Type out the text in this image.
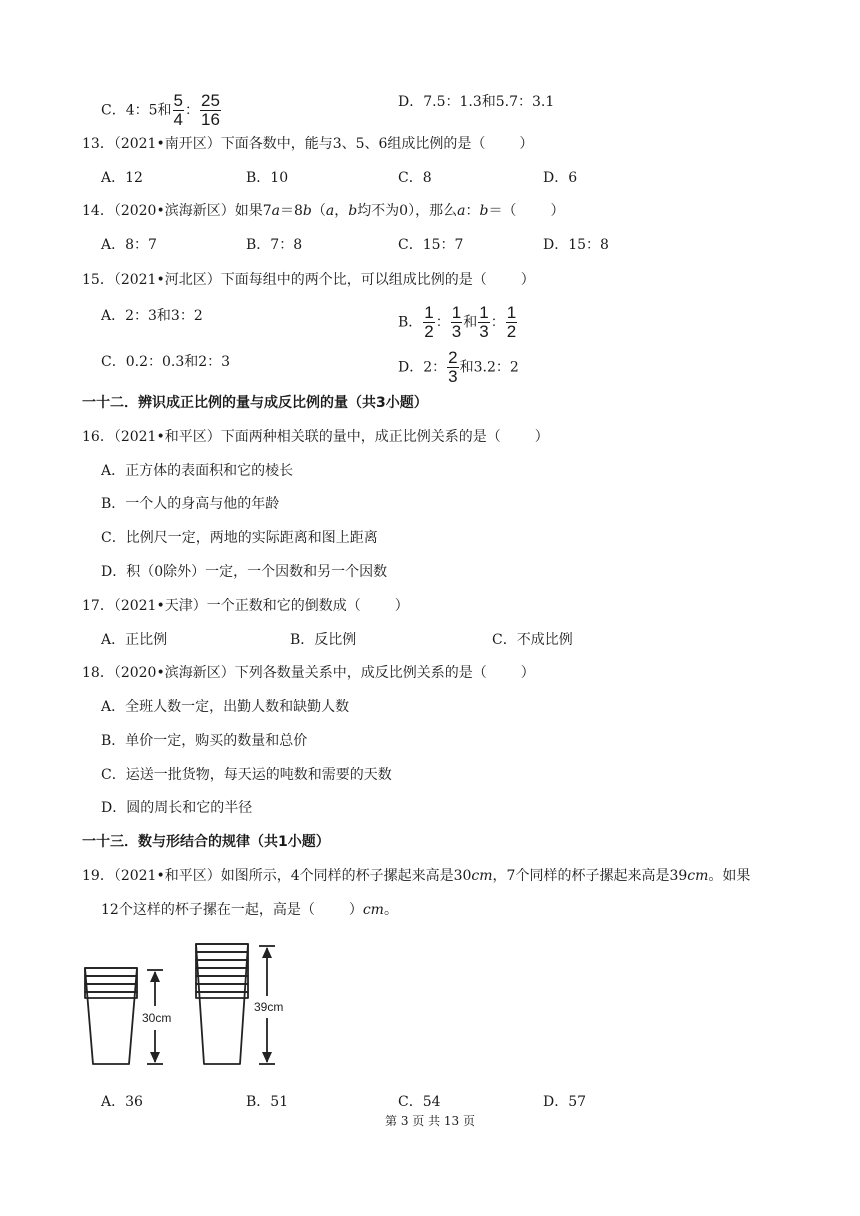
C．4：5和 $\frac{5}{4}$ ： $\frac{25}{16}$	D．7.5：1.3和5.7：3.1
13．（2021•南开区）下面各数中，能与3、5、6组成比例的是（ ）
A．12	B．10	C．8	D．6
14．（2020•滨海新区）如果7a＝8b（a，b均不为0），那么a：b＝（ ）
A．8：7	B．7：8	C．15：7	D．15：8
15．（2021•河北区）下面每组中的两个比，可以组成比例的是（ ）
A．2：3和3：2	B． $\frac{1}{2}$ ： $\frac{1}{3}$ 和 $\frac{1}{3}$ ： $\frac{1}{2}$
C．0.2：0.3和2：3	D．2： $\frac{2}{3}$ 和3.2：2
一十二．辨识成正比例的量与成反比例的量（共3小题）
16．（2021•和平区）下面两种相关联的量中，成正比例关系的是（ ）
A．正方体的表面积和它的棱长
B．一个人的身高与他的年龄
C．比例尺一定，两地的实际距离和图上距离
D．积（0除外）一定，一个因数和另一个因数
17．（2021•天津）一个正数和它的倒数成（ ）
A．正比例	B．反比例	C．不成比例
18．（2020•滨海新区）下列各数量关系中，成反比例关系的是（ ）
A．全班人数一定，出勤人数和缺勤人数
B．单价一定，购买的数量和总价
C．运送一批货物，每天运的吨数和需要的天数
D．圆的周长和它的半径
一十三．数与形结合的规律（共1小题）
19．（2021•和平区）如图所示，4个同样的杯子摞起来高是30cm，7个同样的杯子摞起来高是39cm。如果
12个这样的杯子摞在一起，高是（ ）cm。
30cm
39cm
A．36	B．51	C．54	D．57
第 3 页 共 13 页
